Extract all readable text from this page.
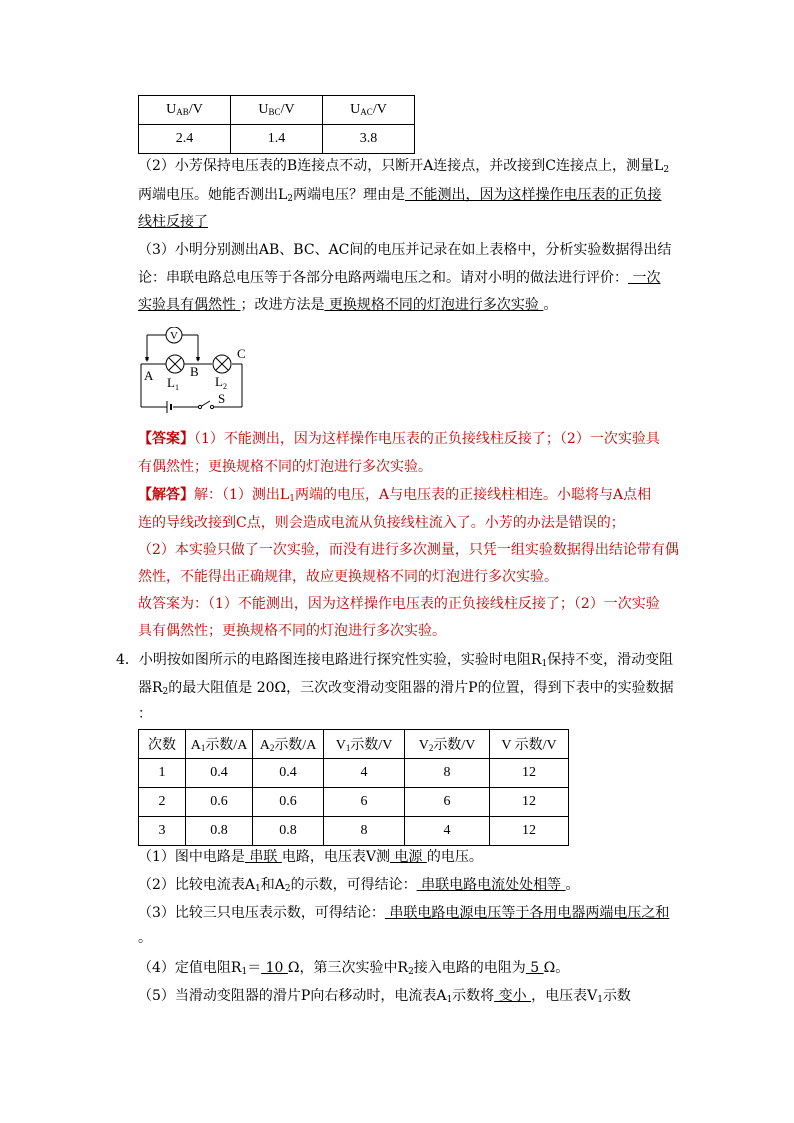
$U_{AB}/V$	$U_{BC}/V$	$U_{AC}/V$
2.4	1.4	3.8
（2）小芳保持电压表的B连接点不动，只断开A连接点，并改接到C连接点上，测量$L_2$
两端电压。她能否测出$L_2$两端电压？理由是 不能测出，因为这样操作电压表的正负接
线柱反接了
（3）小明分别测出AB、BC、AC间的电压并记录在如上表格中，分析实验数据得出结
论：串联电路总电压等于各部分电路两端电压之和。请对小明的做法进行评价： 一次
实验具有偶然性 ；改进方法是 更换规格不同的灯泡进行多次实验 。
V
A	B
C
S
$L_1$	$L_2$
【答案】（1）不能测出，因为这样操作电压表的正负接线柱反接了；（2）一次实验具
有偶然性；更换规格不同的灯泡进行多次实验。
【解答】解：（1）测出$L_1$两端的电压，A与电压表的正接线柱相连。小聪将与A点相
连的导线改接到C点，则会造成电流从负接线柱流入了。小芳的办法是错误的；
（2）本实验只做了一次实验，而没有进行多次测量，只凭一组实验数据得出结论带有偶
然性，不能得出正确规律，故应更换规格不同的灯泡进行多次实验。
故答案为：（1）不能测出，因为这样操作电压表的正负接线柱反接了；（2）一次实验
具有偶然性；更换规格不同的灯泡进行多次实验。
4．小明按如图所示的电路图连接电路进行探究性实验，实验时电阻$R_1$保持不变，滑动变阻
器$R_2$的最大阻值是 20Ω，三次改变滑动变阻器的滑片P的位置，得到下表中的实验数据
：
次数	$A_1$示数/A	$A_2$示数/A	$V_1$示数/V	$V_2$示数/V	V 示数/V
1	0.4	0.4	4	8	12
2	0.6	0.6	6	6	12
3	0.8	0.8	8	4	12
（1）图中电路是 串联 电路，电压表V测 电源 的电压。
（2）比较电流表$A_1$和$A_2$的示数，可得结论： 串联电路电流处处相等 。
（3）比较三只电压表示数，可得结论： 串联电路电源电压等于各用电器两端电压之和
。
（4）定值电阻$R_1= 10$ Ω，第三次实验中$R_2$接入电路的电阻为 5 Ω。
（5）当滑动变阻器的滑片P向右移动时，电流表$A_1$示数将 变小 ，电压表$V_1$示数
